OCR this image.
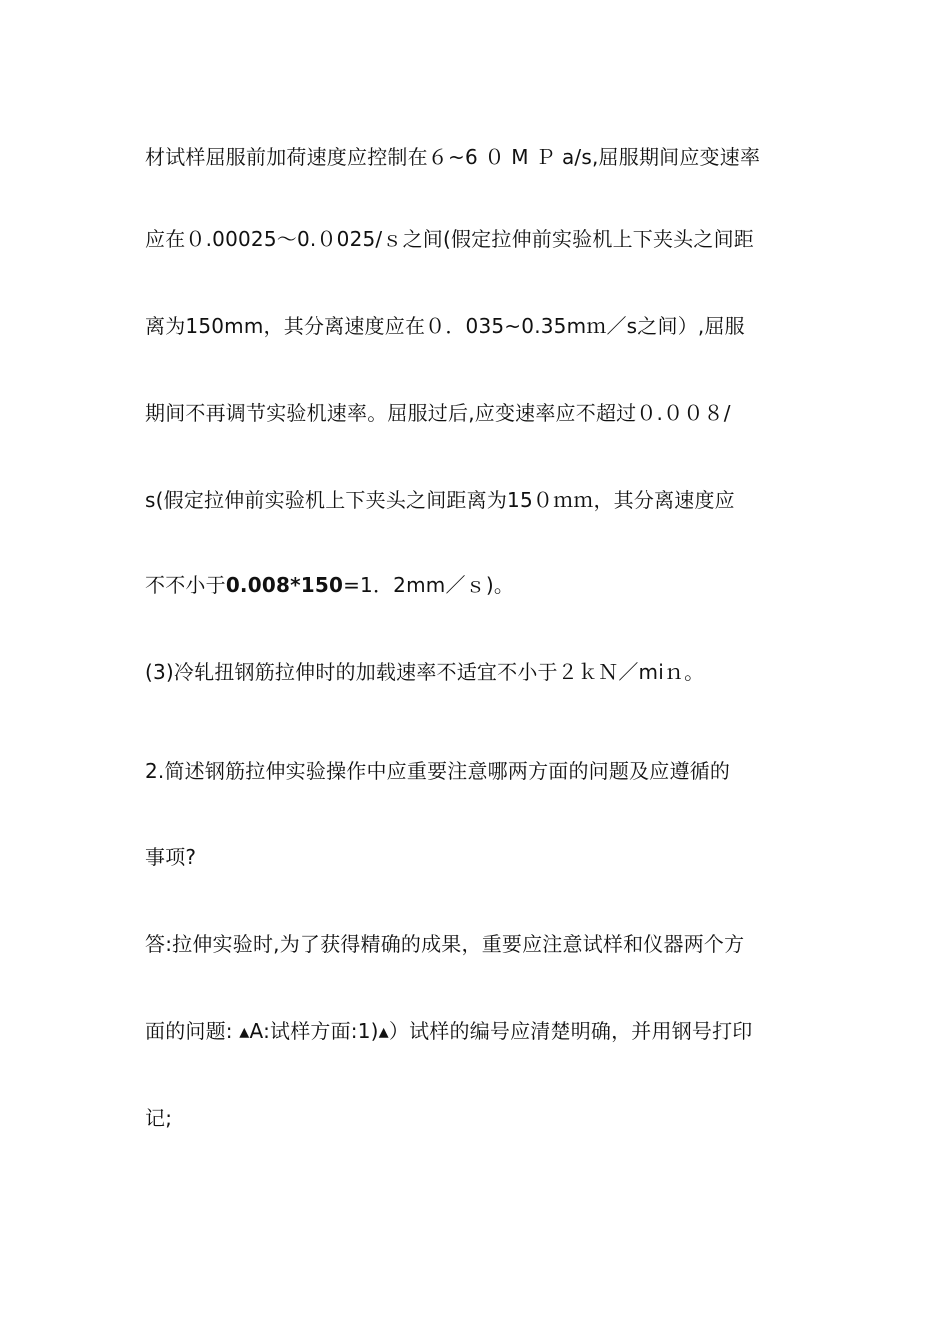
材试样屈服前加荷速度应控制在６~6 ０ M Ｐ a/s,屈服期间应变速率
应在０.00025～0.０025/ｓ之间(假定拉伸前实验机上下夹头之间距
离为150mm，其分离速度应在０．035~0.35mｍ／s之间）,屈服
期间不再调节实验机速率。屈服过后,应变速率应不超过０.００８/
s(假定拉伸前实验机上下夹头之间距离为15０ｍｍ，其分离速度应
不不小于0.008*150=1．2mm／ｓ)。
(3)冷轧扭钢筋拉伸时的加载速率不适宜不小于２ｋＮ／miｎ。
2.简述钢筋拉伸实验操作中应重要注意哪两方面的问题及应遵循的
事项?
答:拉伸实验时,为了获得精确的成果，重要应注意试样和仪器两个方
面的问题: ▴A:试样方面:1)▴）试样的编号应清楚明确，并用钢号打印
记;
